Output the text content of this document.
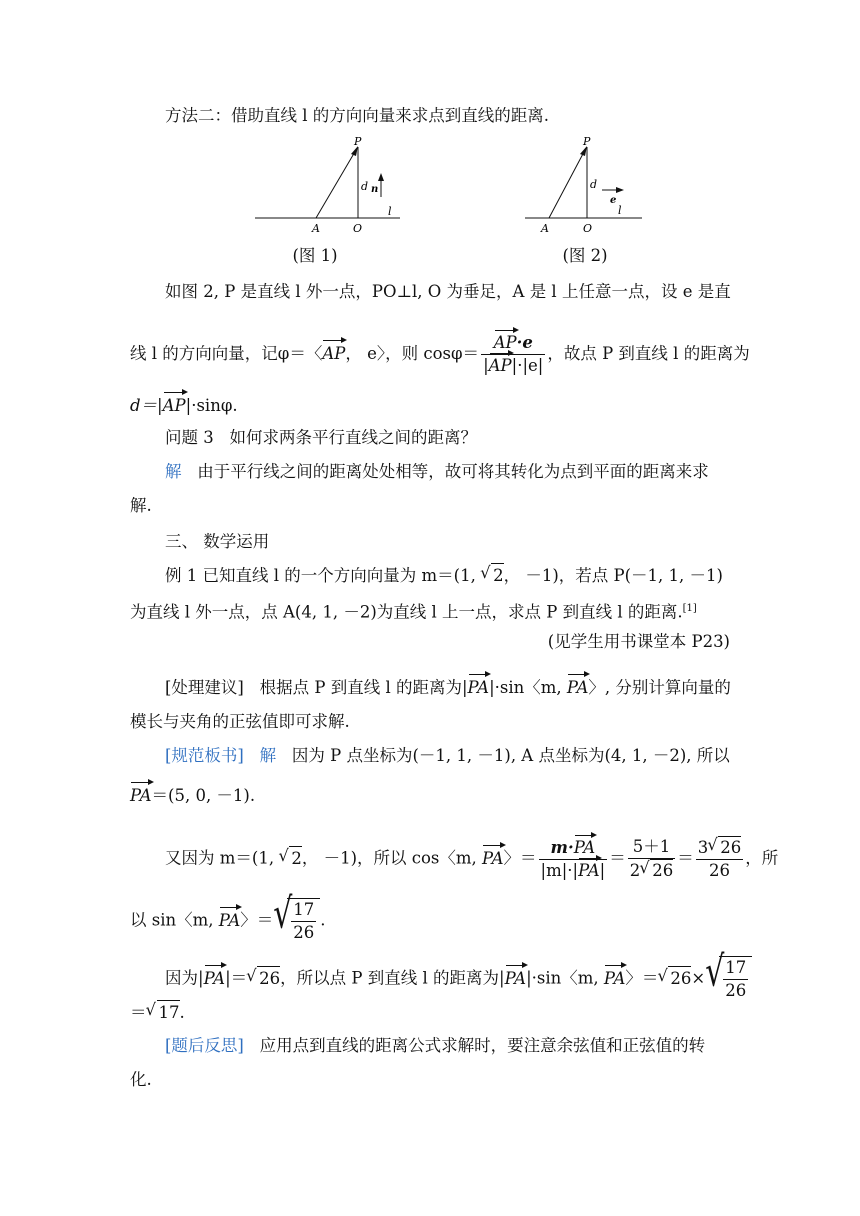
方法二：借助直线 l 的方向向量来求点到直线的距离.
P
A	O
d n
l
(图 1)
P
A	O
d
e
l
(图 2)
如图 2, P 是直线 l 外一点，PO⊥l, O 为垂足，A 是 l 上任意一点，设 e 是直
线 l 的方向向量，记φ＝〈AP， e〉，则 $\cos\varphi= \frac{AP\cdot e}{|AP|\cdot|e|}$ ，故点 P 到直线 l 的距离为
d＝|AP|·sinφ.
问题 3 如何求两条平行直线之间的距离？
解 由于平行线之间的距离处处相等，故可将其转化为点到平面的距离来求
解.
三、 数学运用
例 1 已知直线 l 的一个方向向量为 m＝(1, √ 2， －1)，若点 P(－1, 1, －1)
为直线 l 外一点，点 A(4, 1, －2)为直线 l 上一点，求点 P 到直线 l 的距离.[1]
(见学生用书课堂本 P23)
[处理建议] 根据点 P 到直线 l 的距离为|PA|·sin〈m, PA〉, 分别计算向量的
模长与夹角的正弦值即可求解.
[规范板书] 解 因为 P 点坐标为(－1, 1, －1), A 点坐标为(4, 1, －2), 所以
PA＝(5, 0, －1).
又因为 m＝(1, √ 2， －1)，所以 cos〈m, PA〉＝ $\frac{m\cdot PA}{|m|\cdot|PA|} = \frac{5+1}{2 √ 26} = \frac{3 √ 26}{26}$ ，所
以 sin〈m, PA〉＝ √ $\frac{17}{26}$ .
因为|PA|＝ √ 26，所以点 P 到直线 l 的距离为|PA|·sin〈m, PA〉＝ √ 26× √ $\frac{17}{26}$
＝ √ 17.
[题后反思] 应用点到直线的距离公式求解时，要注意余弦值和正弦值的转
化.
